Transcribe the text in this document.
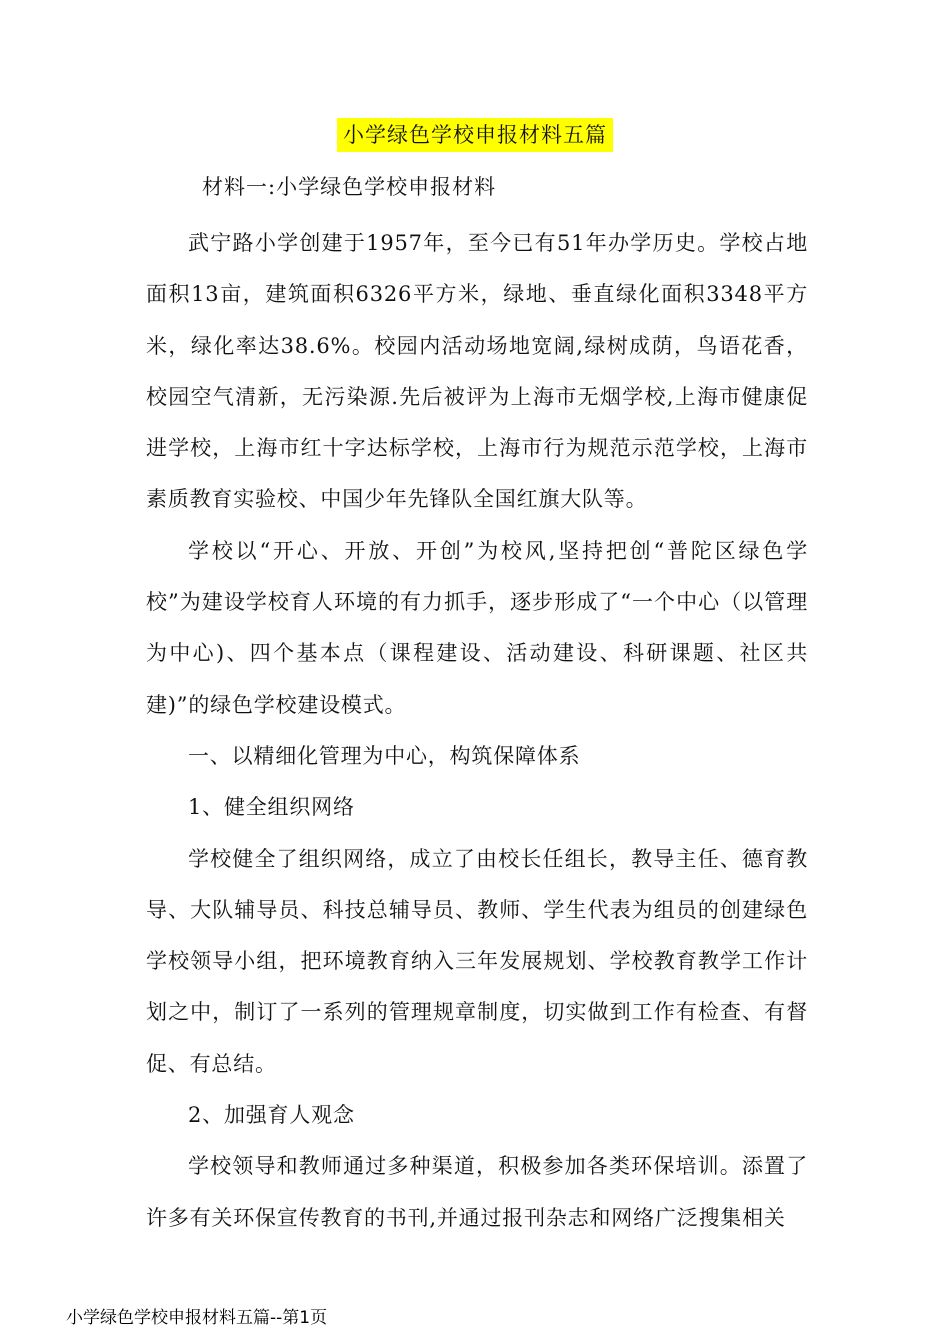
小学绿色学校申报材料五篇
材料一:小学绿色学校申报材料

武宁路小学创建于1957年，至今已有51年办学历史。学校占地面积13亩，建筑面积6326平方米，绿地、垂直绿化面积3348平方米，绿化率达38.6%。校园内活动场地宽阔,绿树成荫，鸟语花香，校园空气清新，无污染源.先后被评为上海市无烟学校,上海市健康促进学校，上海市红十字达标学校，上海市行为规范示范学校，上海市素质教育实验校、中国少年先锋队全国红旗大队等。

学校以“开心、开放、开创”为校风,坚持把创“普陀区绿色学校”为建设学校育人环境的有力抓手，逐步形成了“一个中心（以管理为中心)、四个基本点（课程建设、活动建设、科研课题、社区共建)”的绿色学校建设模式。

一、以精细化管理为中心，构筑保障体系

1、健全组织网络

学校健全了组织网络，成立了由校长任组长，教导主任、德育教导、大队辅导员、科技总辅导员、教师、学生代表为组员的创建绿色学校领导小组，把环境教育纳入三年发展规划、学校教育教学工作计划之中，制订了一系列的管理规章制度，切实做到工作有检查、有督促、有总结。

2、加强育人观念

学校领导和教师通过多种渠道，积极参加各类环保培训。添置了许多有关环保宣传教育的书刊,并通过报刊杂志和网络广泛搜集相关

小学绿色学校申报材料五篇--第1页
